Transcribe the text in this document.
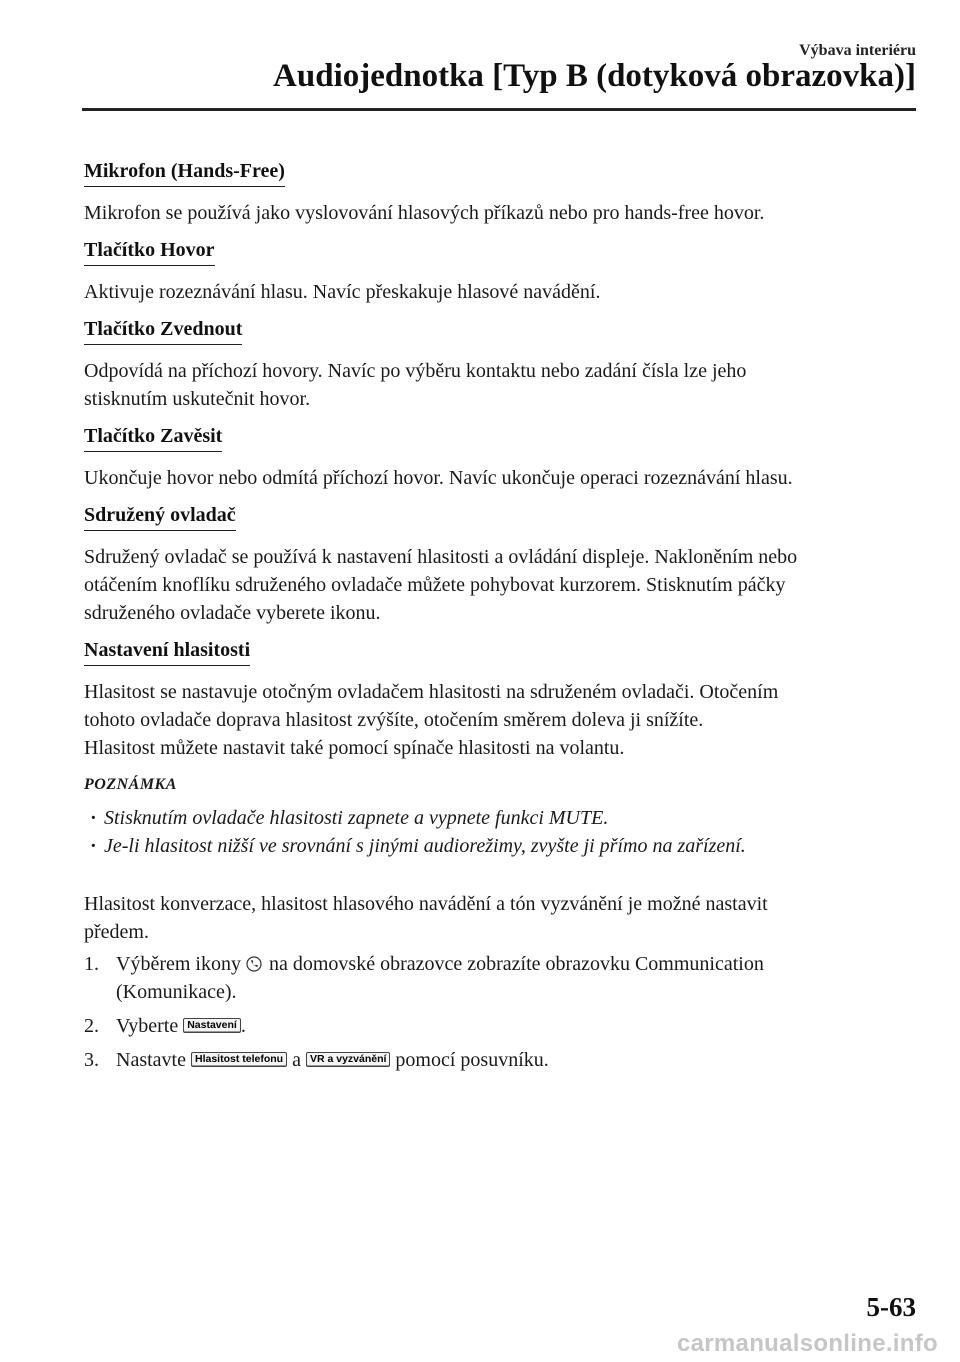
Výbava interiéru
Audiojednotka [Typ B (dotyková obrazovka)]
Mikrofon (Hands-Free)

Mikrofon se používá jako vyslovování hlasových příkazů nebo pro hands-free hovor.

Tlačítko Hovor

Aktivuje rozeznávání hlasu. Navíc přeskakuje hlasové navádění.

Tlačítko Zvednout

Odpovídá na příchozí hovory. Navíc po výběru kontaktu nebo zadání čísla lze jeho
stisknutím uskutečnit hovor.

Tlačítko Zavěsit

Ukončuje hovor nebo odmítá příchozí hovor. Navíc ukončuje operaci rozeznávání hlasu.

Sdružený ovladač

Sdružený ovladač se používá k nastavení hlasitosti a ovládání displeje. Nakloněním nebo
otáčením knoflíku sdruženého ovladače můžete pohybovat kurzorem. Stisknutím páčky
sdruženého ovladače vyberete ikonu.

Nastavení hlasitosti

Hlasitost se nastavuje otočným ovladačem hlasitosti na sdruženém ovladači. Otočením
tohoto ovladače doprava hlasitost zvýšíte, otočením směrem doleva ji snížíte.
Hlasitost můžete nastavit také pomocí spínače hlasitosti na volantu.

POZNÁMKA
· Stisknutím ovladače hlasitosti zapnete a vypnete funkci MUTE.
· Je-li hlasitost nižší ve srovnání s jinými audiorežimy, zvyšte ji přímo na zařízení.

Hlasitost konverzace, hlasitost hlasového navádění a tón vyzvánění je možné nastavit
předem.

1. Výběrem ikony na domovské obrazovce zobrazíte obrazovku Communication
(Komunikace).
2. Vyberte Nastavení .
3. Nastavte Hlasitost telefonu a VR a vyzvánění pomocí posuvníku.
5-63
carmanualsonline.info
